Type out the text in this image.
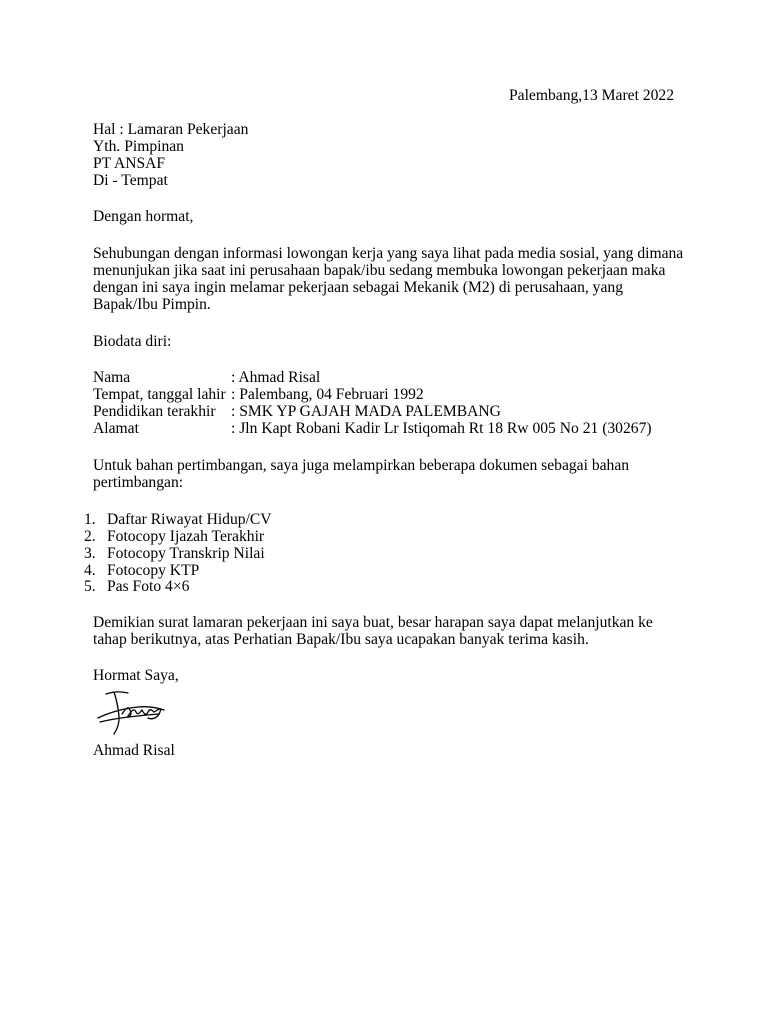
Palembang,13 Maret 2022
Hal : Lamaran Pekerjaan
Yth. Pimpinan
PT ANSAF
Di - Tempat
Dengan hormat,
Sehubungan dengan informasi lowongan kerja yang saya lihat pada media sosial, yang dimana
menunjukan jika saat ini perusahaan bapak/ibu sedang membuka lowongan pekerjaan maka
dengan ini saya ingin melamar pekerjaan sebagai Mekanik (M2) di perusahaan, yang
Bapak/Ibu Pimpin.
Biodata diri:
Nama	: Ahmad Risal
Tempat, tanggal lahir : Palembang, 04 Februari 1992
Pendidikan terakhir : SMK YP GAJAH MADA PALEMBANG
Alamat	: Jln Kapt Robani Kadir Lr Istiqomah Rt 18 Rw 005 No 21 (30267)
Untuk bahan pertimbangan, saya juga melampirkan beberapa dokumen sebagai bahan
pertimbangan:
1. Daftar Riwayat Hidup/CV
2. Fotocopy Ijazah Terakhir
3. Fotocopy Transkrip Nilai
4. Fotocopy KTP
5. Pas Foto 4×6
Demikian surat lamaran pekerjaan ini saya buat, besar harapan saya dapat melanjutkan ke
tahap berikutnya, atas Perhatian Bapak/Ibu saya ucapakan banyak terima kasih.
Hormat Saya,
Ahmad Risal
